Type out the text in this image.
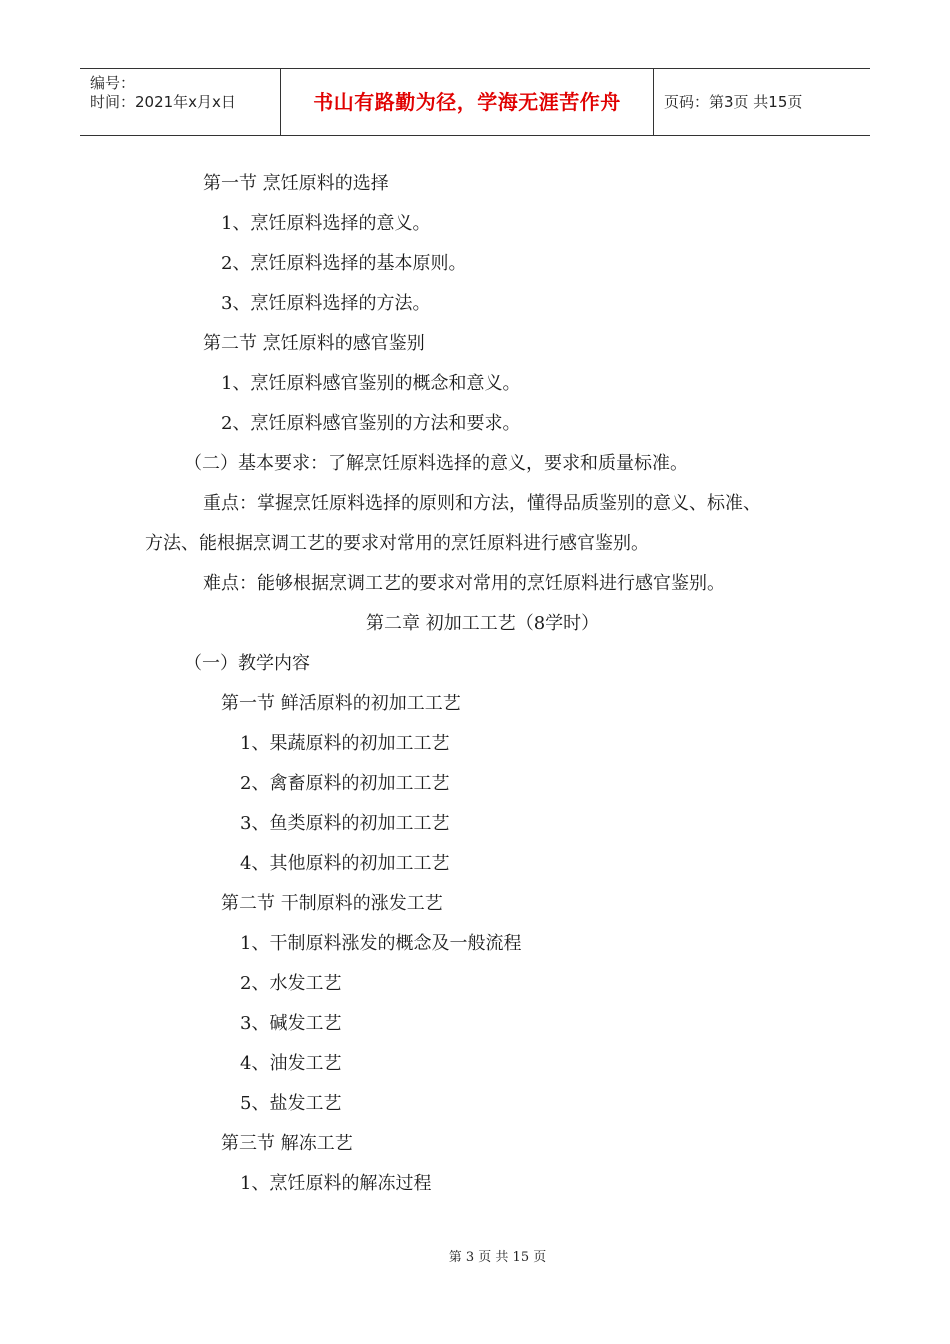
编号：
时间：2021年x月x日	书山有路勤为径，学海无涯苦作舟	页码：第3页 共15页
第一节 烹饪原料的选择
1、烹饪原料选择的意义。
2、烹饪原料选择的基本原则。
3、烹饪原料选择的方法。
第二节 烹饪原料的感官鉴别
1、烹饪原料感官鉴别的概念和意义。
2、烹饪原料感官鉴别的方法和要求。
（二）基本要求：了解烹饪原料选择的意义，要求和质量标准。
重点：掌握烹饪原料选择的原则和方法，懂得品质鉴别的意义、标准、
方法、能根据烹调工艺的要求对常用的烹饪原料进行感官鉴别。
难点：能够根据烹调工艺的要求对常用的烹饪原料进行感官鉴别。
第二章 初加工工艺（8学时）
（一）教学内容
第一节 鲜活原料的初加工工艺
1、果蔬原料的初加工工艺
2、禽畜原料的初加工工艺
3、鱼类原料的初加工工艺
4、其他原料的初加工工艺
第二节 干制原料的涨发工艺
1、干制原料涨发的概念及一般流程
2、水发工艺
3、碱发工艺
4、油发工艺
5、盐发工艺
第三节 解冻工艺
1、烹饪原料的解冻过程
第 3 页 共 15 页
